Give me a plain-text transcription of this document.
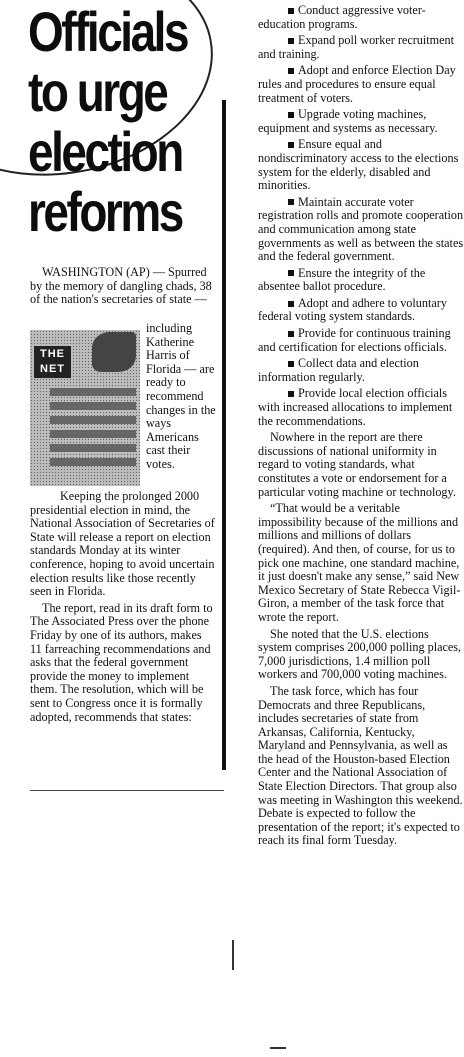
Officials
to urge
election
reforms

WASHINGTON (AP) — Spurred by the memory of dangling chads, 38 of the nation's secretaries of state —

THE
NET
including Katherine Harris of Florida — are ready to recommend changes in the ways Americans cast their votes.

Keeping the prolonged 2000 presidential election in mind, the National Association of Secretaries of State will release a report on election standards Monday at its winter conference, hoping to avoid uncertain election results like those recently seen in Florida.

The report, read in its draft form to The Associated Press over the phone Friday by one of its authors, makes 11 farreaching recommendations and asks that the federal government provide the money to implement them. The resolution, which will be sent to Congress once it is formally adopted, recommends that states:

Conduct aggressive voter-education programs.

Expand poll worker recruitment and training.

Adopt and enforce Election Day rules and procedures to ensure equal treatment of voters.

Upgrade voting machines, equipment and systems as necessary.

Ensure equal and nondiscriminatory access to the elections system for the elderly, disabled and minorities.

Maintain accurate voter registration rolls and promote cooperation and communication among state governments as well as between the states and the federal government.

Ensure the integrity of the absentee ballot procedure.

Adopt and adhere to voluntary federal voting system standards.

Provide for continuous training and certification for elections officials.

Collect data and election information regularly.

Provide local election officials with increased allocations to implement the recommendations.

Nowhere in the report are there discussions of national uniformity in regard to voting standards, what constitutes a vote or endorsement for a particular voting machine or technology.

“That would be a veritable impossibility because of the millions and millions and millions of dollars (required). And then, of course, for us to pick one machine, one standard machine, it just doesn't make any sense,” said New Mexico Secretary of State Rebecca Vigil-Giron, a member of the task force that wrote the report.

She noted that the U.S. elections system comprises 200,000 polling places, 7,000 jurisdictions, 1.4 million poll workers and 700,000 voting machines.

The task force, which has four Democrats and three Republicans, includes secretaries of state from Arkansas, California, Kentucky, Maryland and Pennsylvania, as well as the head of the Houston-based Election Center and the National Association of State Election Directors. That group also was meeting in Washington this weekend. Debate is expected to follow the presentation of the report; it's expected to reach its final form Tuesday.
